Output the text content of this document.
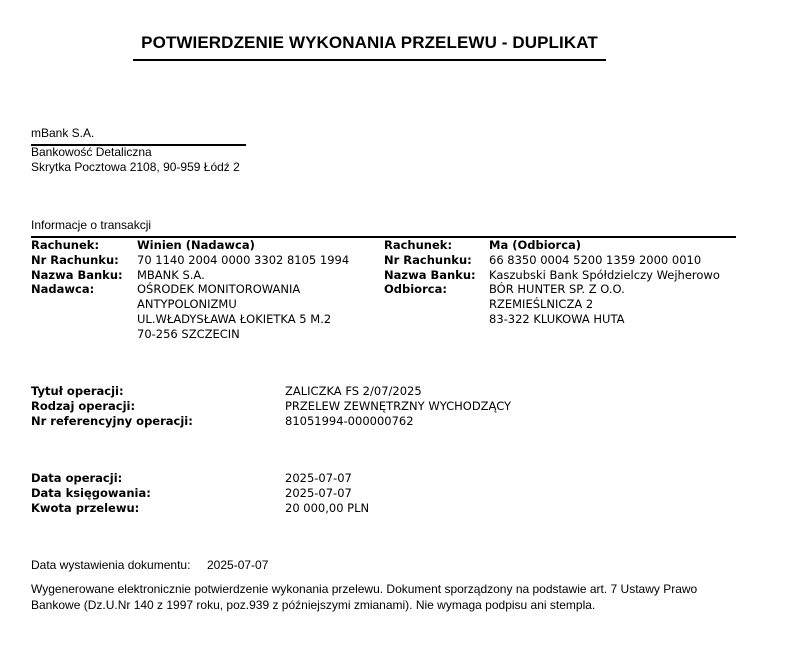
POTWIERDZENIE WYKONANIA PRZELEWU - DUPLIKAT
mBank S.A.
Bankowość Detaliczna
Skrytka Pocztowa 2108, 90-959 Łódź 2
Informacje o transakcji
Rachunek:
Nr Rachunku:
Nazwa Banku:
Nadawca:
Winien (Nadawca)
70 1140 2004 0000 3302 8105 1994
MBANK S.A.
OŚRODEK MONITOROWANIA
ANTYPOLONIZMU
UL.WŁADYSŁAWA ŁOKIETKA 5 M.2
70-256 SZCZECIN
Rachunek:
Nr Rachunku:
Nazwa Banku:
Odbiorca:
Ma (Odbiorca)
66 8350 0004 5200 1359 2000 0010
Kaszubski Bank Spółdzielczy Wejherowo
BÓR HUNTER SP. Z O.O.
RZEMIEŚLNICZA 2
83-322 KLUKOWA HUTA
Tytuł operacji:
Rodzaj operacji:
Nr referencyjny operacji:
ZALICZKA FS 2/07/2025
PRZELEW ZEWNĘTRZNY WYCHODZĄCY
81051994-000000762
Data operacji:
Data księgowania:
Kwota przelewu:
2025-07-07
2025-07-07
20 000,00 PLN
Data wystawienia dokumentu: 2025-07-07
Wygenerowane elektronicznie potwierdzenie wykonania przelewu. Dokument sporządzony na podstawie art. 7 Ustawy Prawo Bankowe (Dz.U.Nr 140 z 1997 roku, poz.939 z późniejszymi zmianami). Nie wymaga podpisu ani stempla.
